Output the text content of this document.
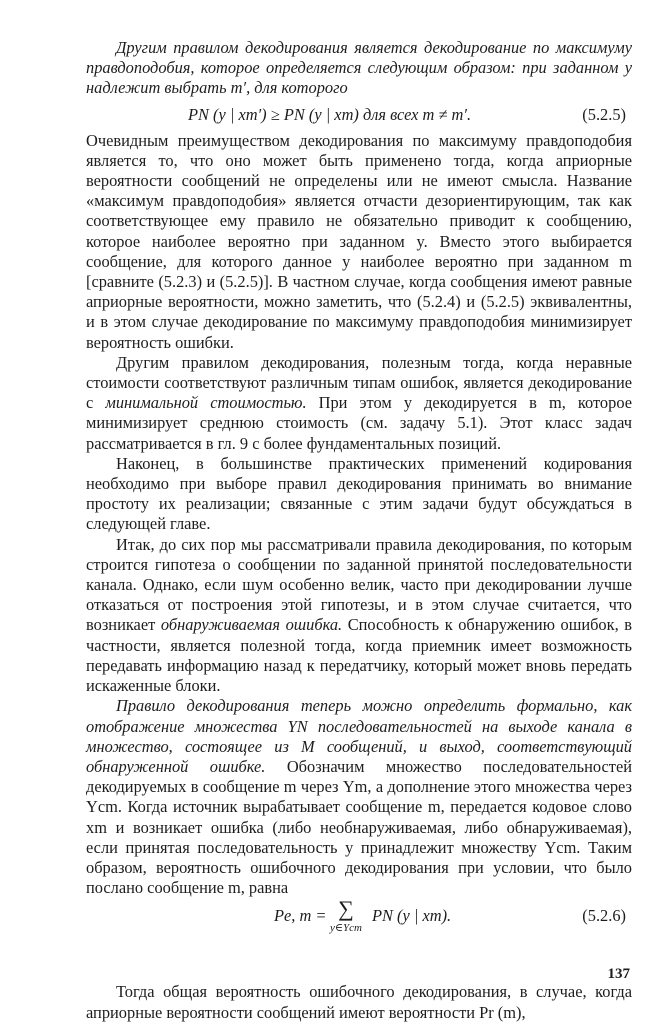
Другим правилом декодирования является декодирование по максимуму правдоподобия, которое определяется следующим образом: при заданном y надлежит выбрать m′, для которого

PN (y | xm′) ≥ PN (y | xm) для всех m ≠ m′.	(5.2.5)

Очевидным преимуществом декодирования по максимуму правдоподобия является то, что оно может быть применено тогда, когда априорные вероятности сообщений не определены или не имеют смысла. Название «максимум правдоподобия» является отчасти дезориентирующим, так как соответствующее ему правило не обязательно приводит к сообщению, которое наиболее вероятно при заданном y. Вместо этого выбирается сообщение, для которого данное y наиболее вероятно при заданном m [сравните (5.2.3) и (5.2.5)]. В частном случае, когда сообщения имеют равные априорные вероятности, можно заметить, что (5.2.4) и (5.2.5) эквивалентны, и в этом случае декодирование по максимуму правдоподобия минимизирует вероятность ошибки.

Другим правилом декодирования, полезным тогда, когда неравные стоимости соответствуют различным типам ошибок, является декодирование с минимальной стоимостью. При этом y декодируется в m, которое минимизирует среднюю стоимость (см. задачу 5.1). Этот класс задач рассматривается в гл. 9 с более фундаментальных позиций.

Наконец, в большинстве практических применений кодирования необходимо при выборе правил декодирования принимать во внимание простоту их реализации; связанные с этим задачи будут обсуждаться в следующей главе.

Итак, до сих пор мы рассматривали правила декодирования, по которым строится гипотеза о сообщении по заданной принятой последовательности канала. Однако, если шум особенно велик, часто при декодировании лучше отказаться от построения этой гипотезы, и в этом случае считается, что возникает обнаруживаемая ошибка. Способность к обнаружению ошибок, в частности, является полезной тогда, когда приемник имеет возможность передавать информацию назад к передатчику, который может вновь передать искаженные блоки.

Правило декодирования теперь можно определить формально, как отображение множества YN последовательностей на выходе канала в множество, состоящее из M сообщений, и выход, соответствующий обнаруженной ошибке. Обозначим множество последовательностей декодируемых в сообщение m через Ym, а дополнение этого множества через Ycm. Когда источник вырабатывает сообщение m, передается кодовое слово xm и возникает ошибка (либо необнаруживаемая, либо обнаруживаемая), если принятая последовательность y принадлежит множеству Ycm. Таким образом, вероятность ошибочного декодирования при условии, что было послано сообщение m, равна

Pe, m = ∑
y∈Ycm
PN (y | xm).	(5.2.6)

Тогда общая вероятность ошибочного декодирования, в случае, когда априорные вероятности сообщений имеют вероятности Pr (m),

137
